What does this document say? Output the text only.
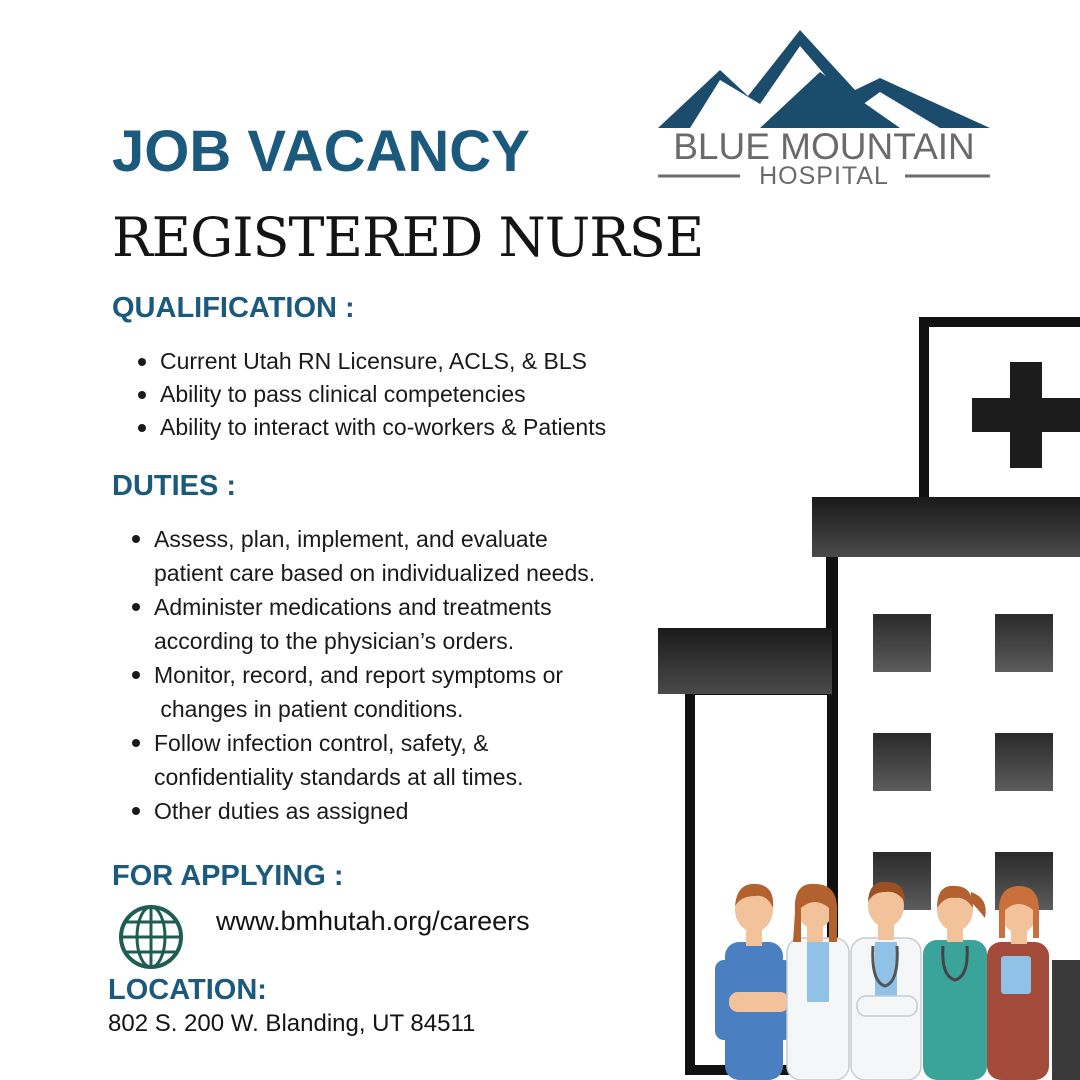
BLUE MOUNTAIN
HOSPITAL
JOB VACANCY
REGISTERED NURSE
QUALIFICATION :
Current Utah RN Licensure, ACLS, & BLS
Ability to pass clinical competencies
Ability to interact with co-workers & Patients
DUTIES :
Assess, plan, implement, and evaluate
patient care based on individualized needs.
Administer medications and treatments
according to the physician’s orders.
Monitor, record, and report symptoms or
changes in patient conditions.
Follow infection control, safety, &
confidentiality standards at all times.
Other duties as assigned
FOR APPLYING :
www.bmhutah.org/careers
LOCATION:
802 S. 200 W. Blanding, UT 84511
